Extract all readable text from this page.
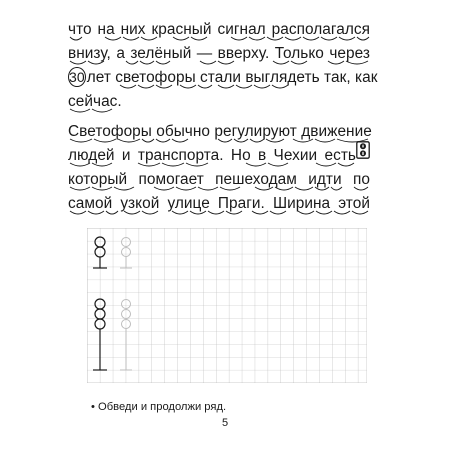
что на них красный сигнал располагался
внизу, а зелёный — вверху. Только через
30 лет светофоры стали выглядеть так, как
сейчас.
Светофоры обычно регулируют движение
людей и транспорта. Но в Чехии есть
который помогает пешеходам идти по
самой узкой улице Праги. Ширина этой
• Обведи и продолжи ряд.
5
